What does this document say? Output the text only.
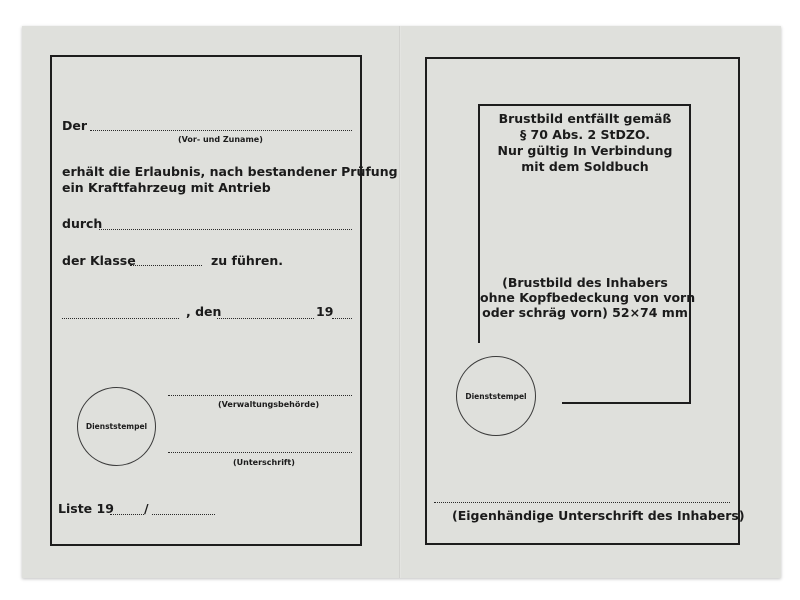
Der
(Vor- und Zuname)
erhält die Erlaubnis, nach bestandener Prüfung
ein Kraftfahrzeug mit Antrieb
durch
der Klasse	zu führen.
, den	19
(Verwaltungsbehörde)
Dienststempel
(Unterschrift)
Liste 19 /
Brustbild entfällt gemäß
§ 70 Abs. 2 StDZO.
Nur gültig In Verbindung
mit dem Soldbuch
(Brustbild des Inhabers
ohne Kopfbedeckung von vorn
oder schräg vorn) 52×74 mm
Dienststempel
(Eigenhändige Unterschrift des Inhabers)
